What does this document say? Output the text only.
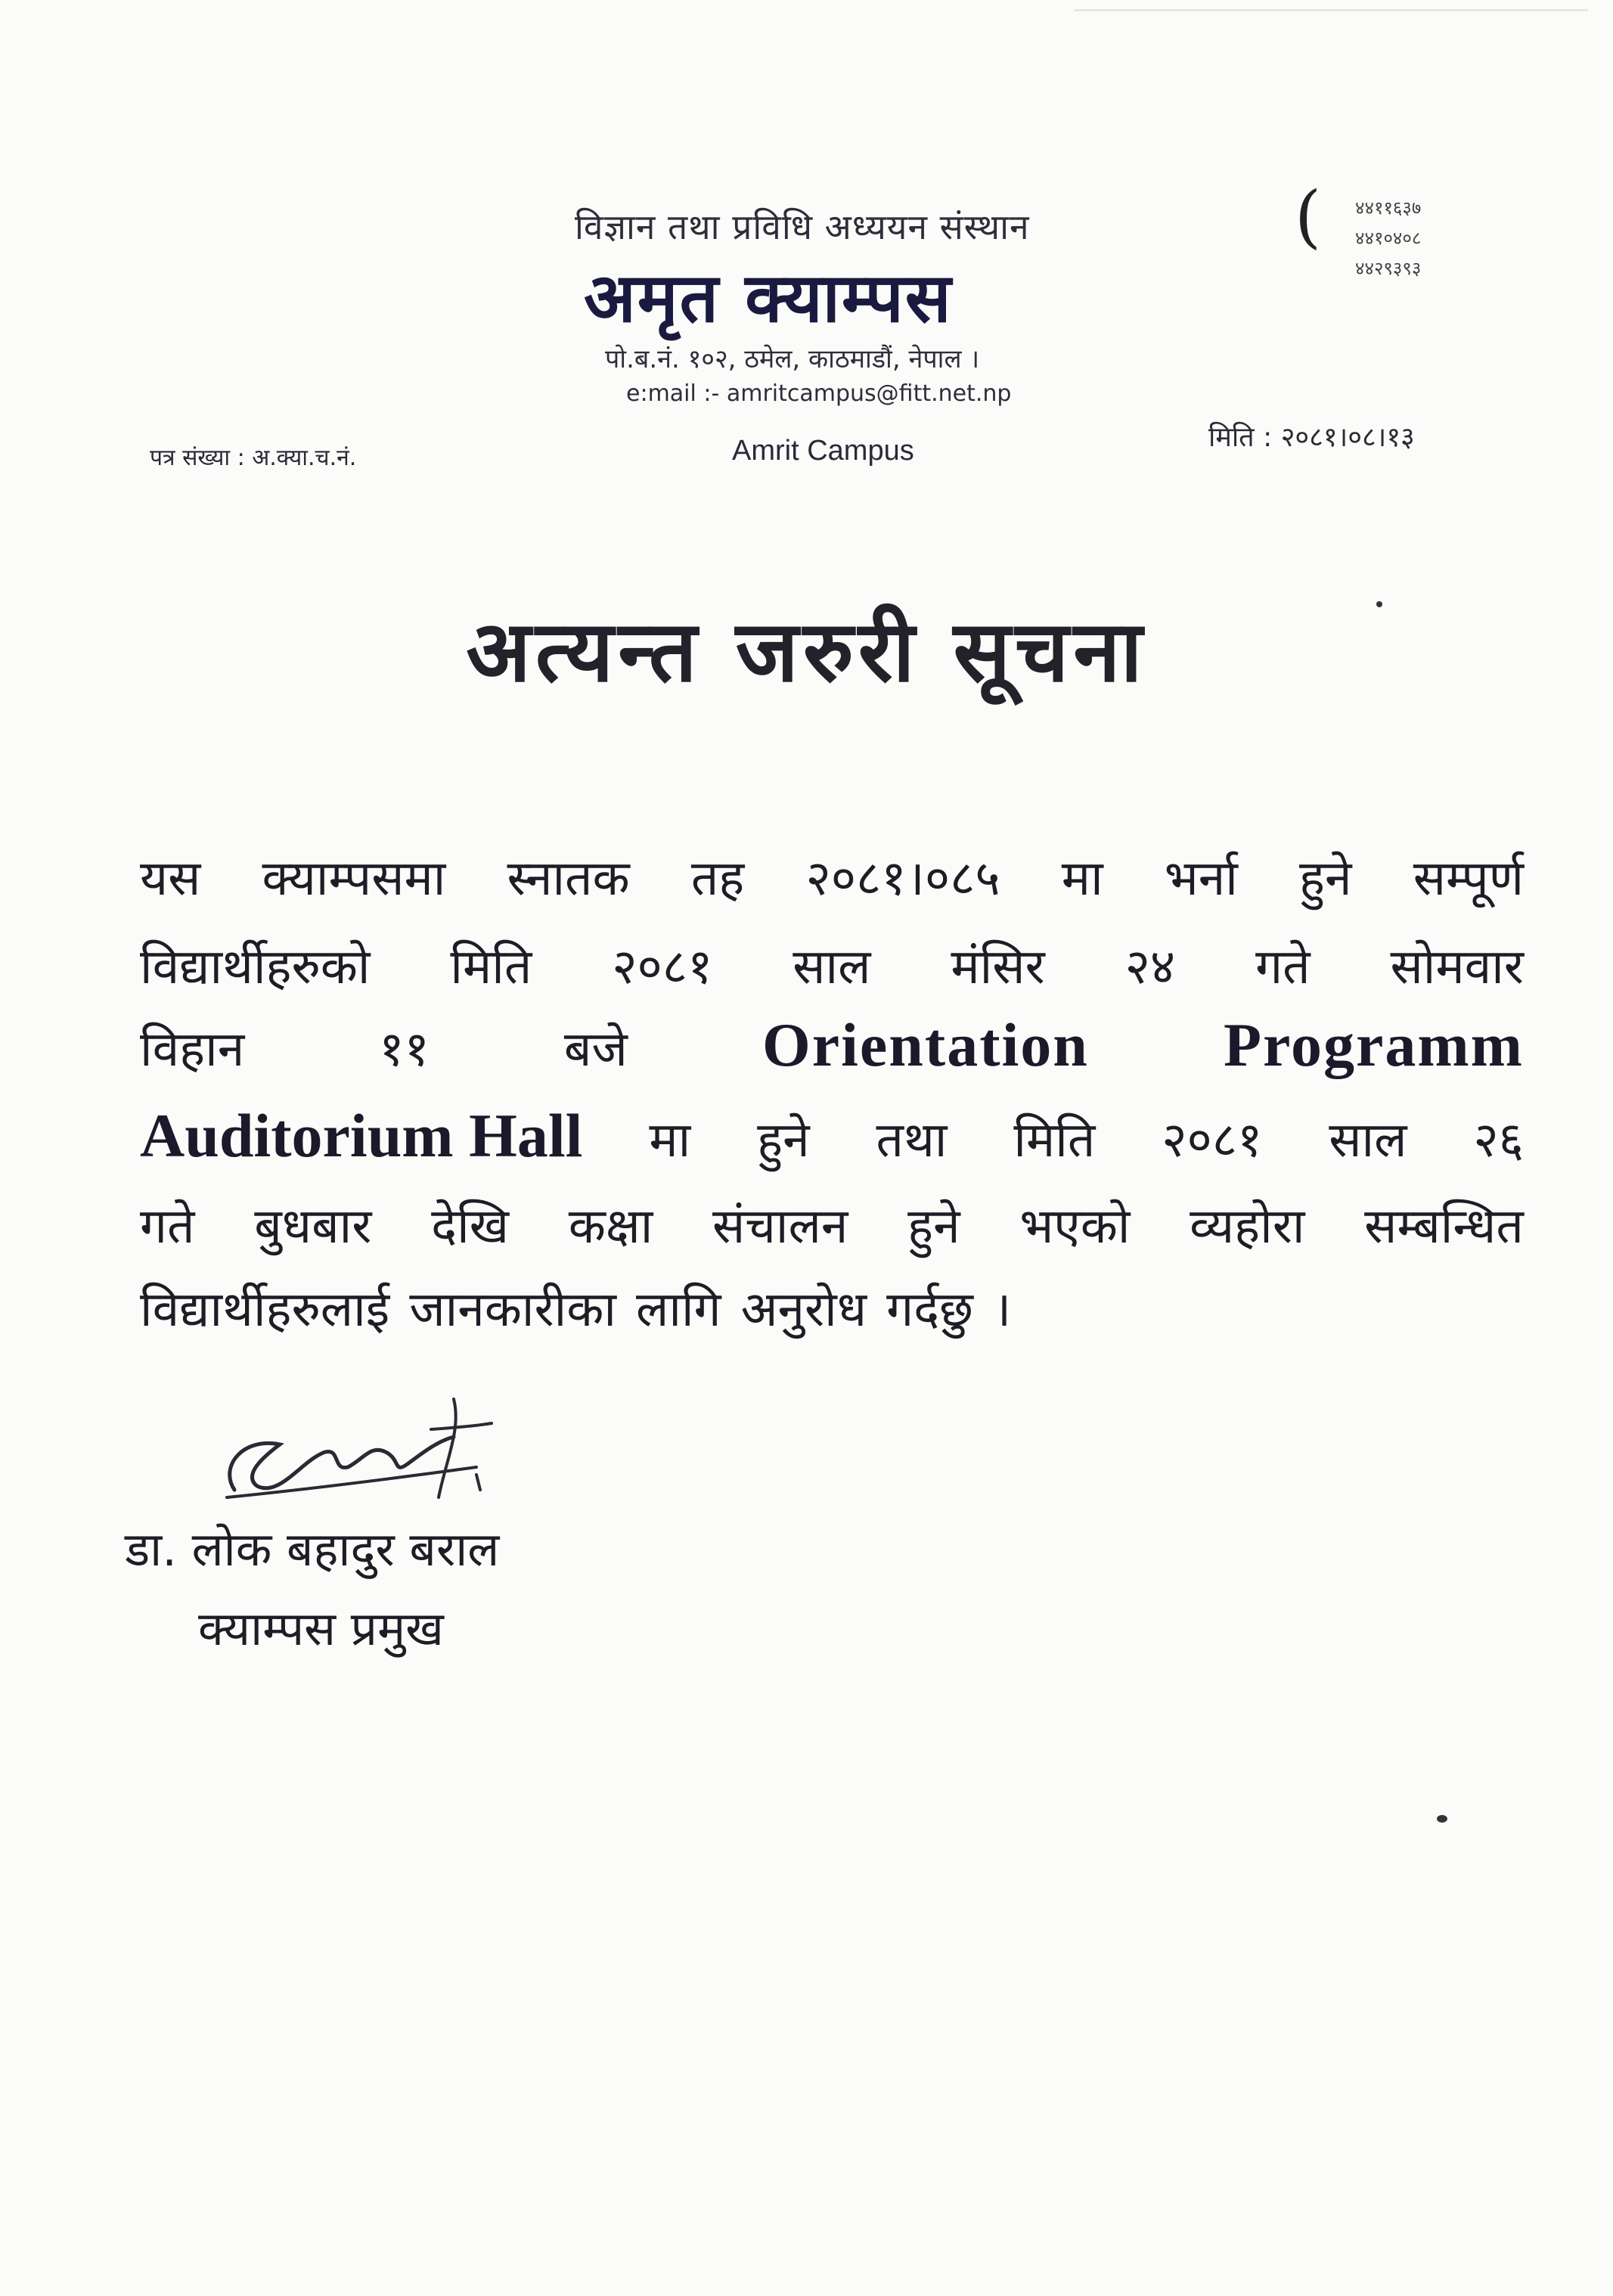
विज्ञान तथा प्रविधि अध्ययन संस्थान
अमृत क्याम्पस
पो.ब.नं. १०२, ठमेल, काठमाडौं, नेपाल ।
e:mail :- amritcampus@fitt.net.np
Amrit Campus
( ४४११६३७
४४१०४०८
४४२९३९३
पत्र संख्या : अ.क्या.च.नं.
मिति : २०८१।०८।१३
अत्यन्त जरुरी सूचना
यस क्याम्पसमा स्नातक तह २०८१।०८५ मा भर्ना हुने सम्पूर्ण
विद्यार्थीहरुको मिति २०८१ साल मंसिर २४ गते सोमवार
विहान	११	बजे Orientation Programm
Auditorium Hall मा हुने तथा मिति २०८१ साल २६
गते बुधबार देखि कक्षा संचालन हुने भएको व्यहोरा सम्बन्धित
विद्यार्थीहरुलाई जानकारीका लागि अनुरोध गर्दछु ।
डा. लोक बहादुर बराल
क्याम्पस प्रमुख
